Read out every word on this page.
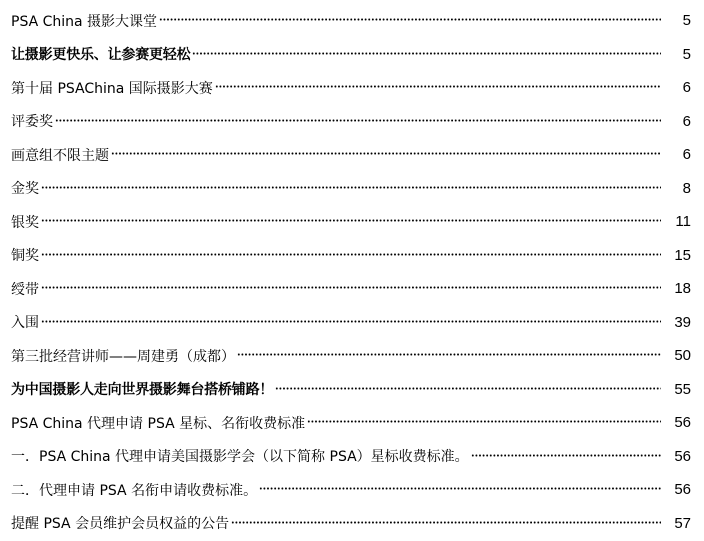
PSA China 摄影大课堂	5
让摄影更快乐、让参赛更轻松	5
第十届 PSAChina 国际摄影大赛	6
评委奖	6
画意组不限主题	6
金奖	8
银奖	11
铜奖	15
绶带	18
入围	39
第三批经营讲师——周建勇（成都）	50
为中国摄影人走向世界摄影舞台搭桥铺路！	55
PSA China 代理申请 PSA 星标、名衔收费标准	56
一．PSA China 代理申请美国摄影学会（以下简称 PSA）星标收费标准。	56
二．代理申请 PSA 名衔申请收费标准。	56
提醒 PSA 会员维护会员权益的公告	57
